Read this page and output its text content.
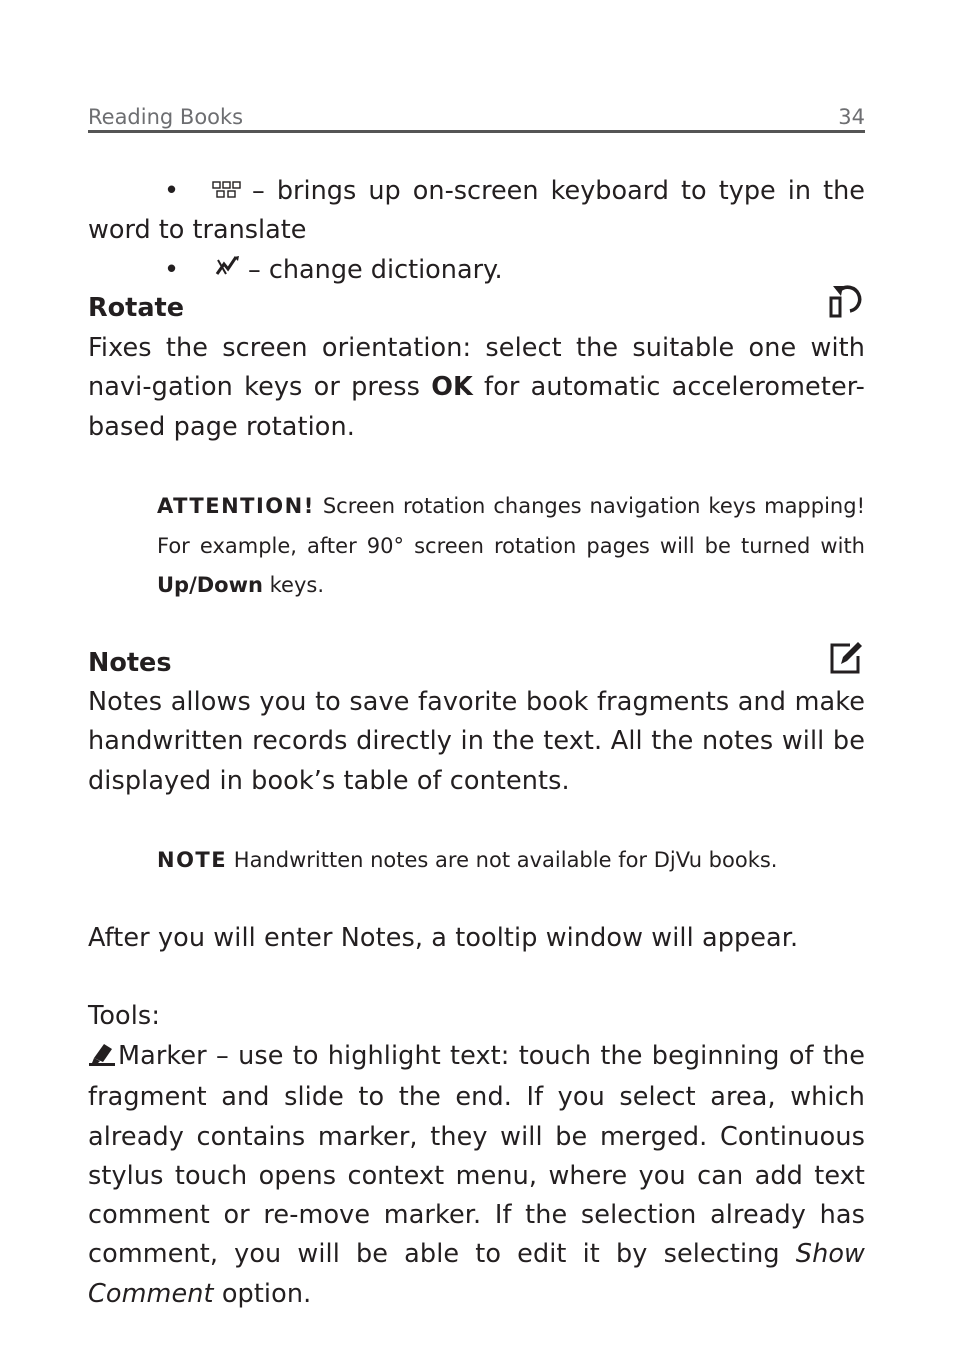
Reading Books	34
•	– brings up on-screen keyboard to type in the
word to translate
•	– change dictionary.
Rotate
Fixes the screen orientation: select the suitable one with navi-gation keys or press OK for automatic accelerometer-based page rotation.
ATTENTION! Screen rotation changes navigation keys mapping! For example, after 90° screen rotation pages will be turned with Up/Down keys.
Notes
Notes allows you to save favorite book fragments and make handwritten records directly in the text. All the notes will be displayed in book’s table of contents.
NOTE Handwritten notes are not available for DjVu books.
After you will enter Notes, a tooltip window will appear.
Tools:
Marker – use to highlight text: touch the beginning of the fragment and slide to the end. If you select area, which already contains marker, they will be merged. Continuous stylus touch opens context menu, where you can add text comment or re-move marker. If the selection already has comment, you will be able to edit it by selecting Show Comment option.
